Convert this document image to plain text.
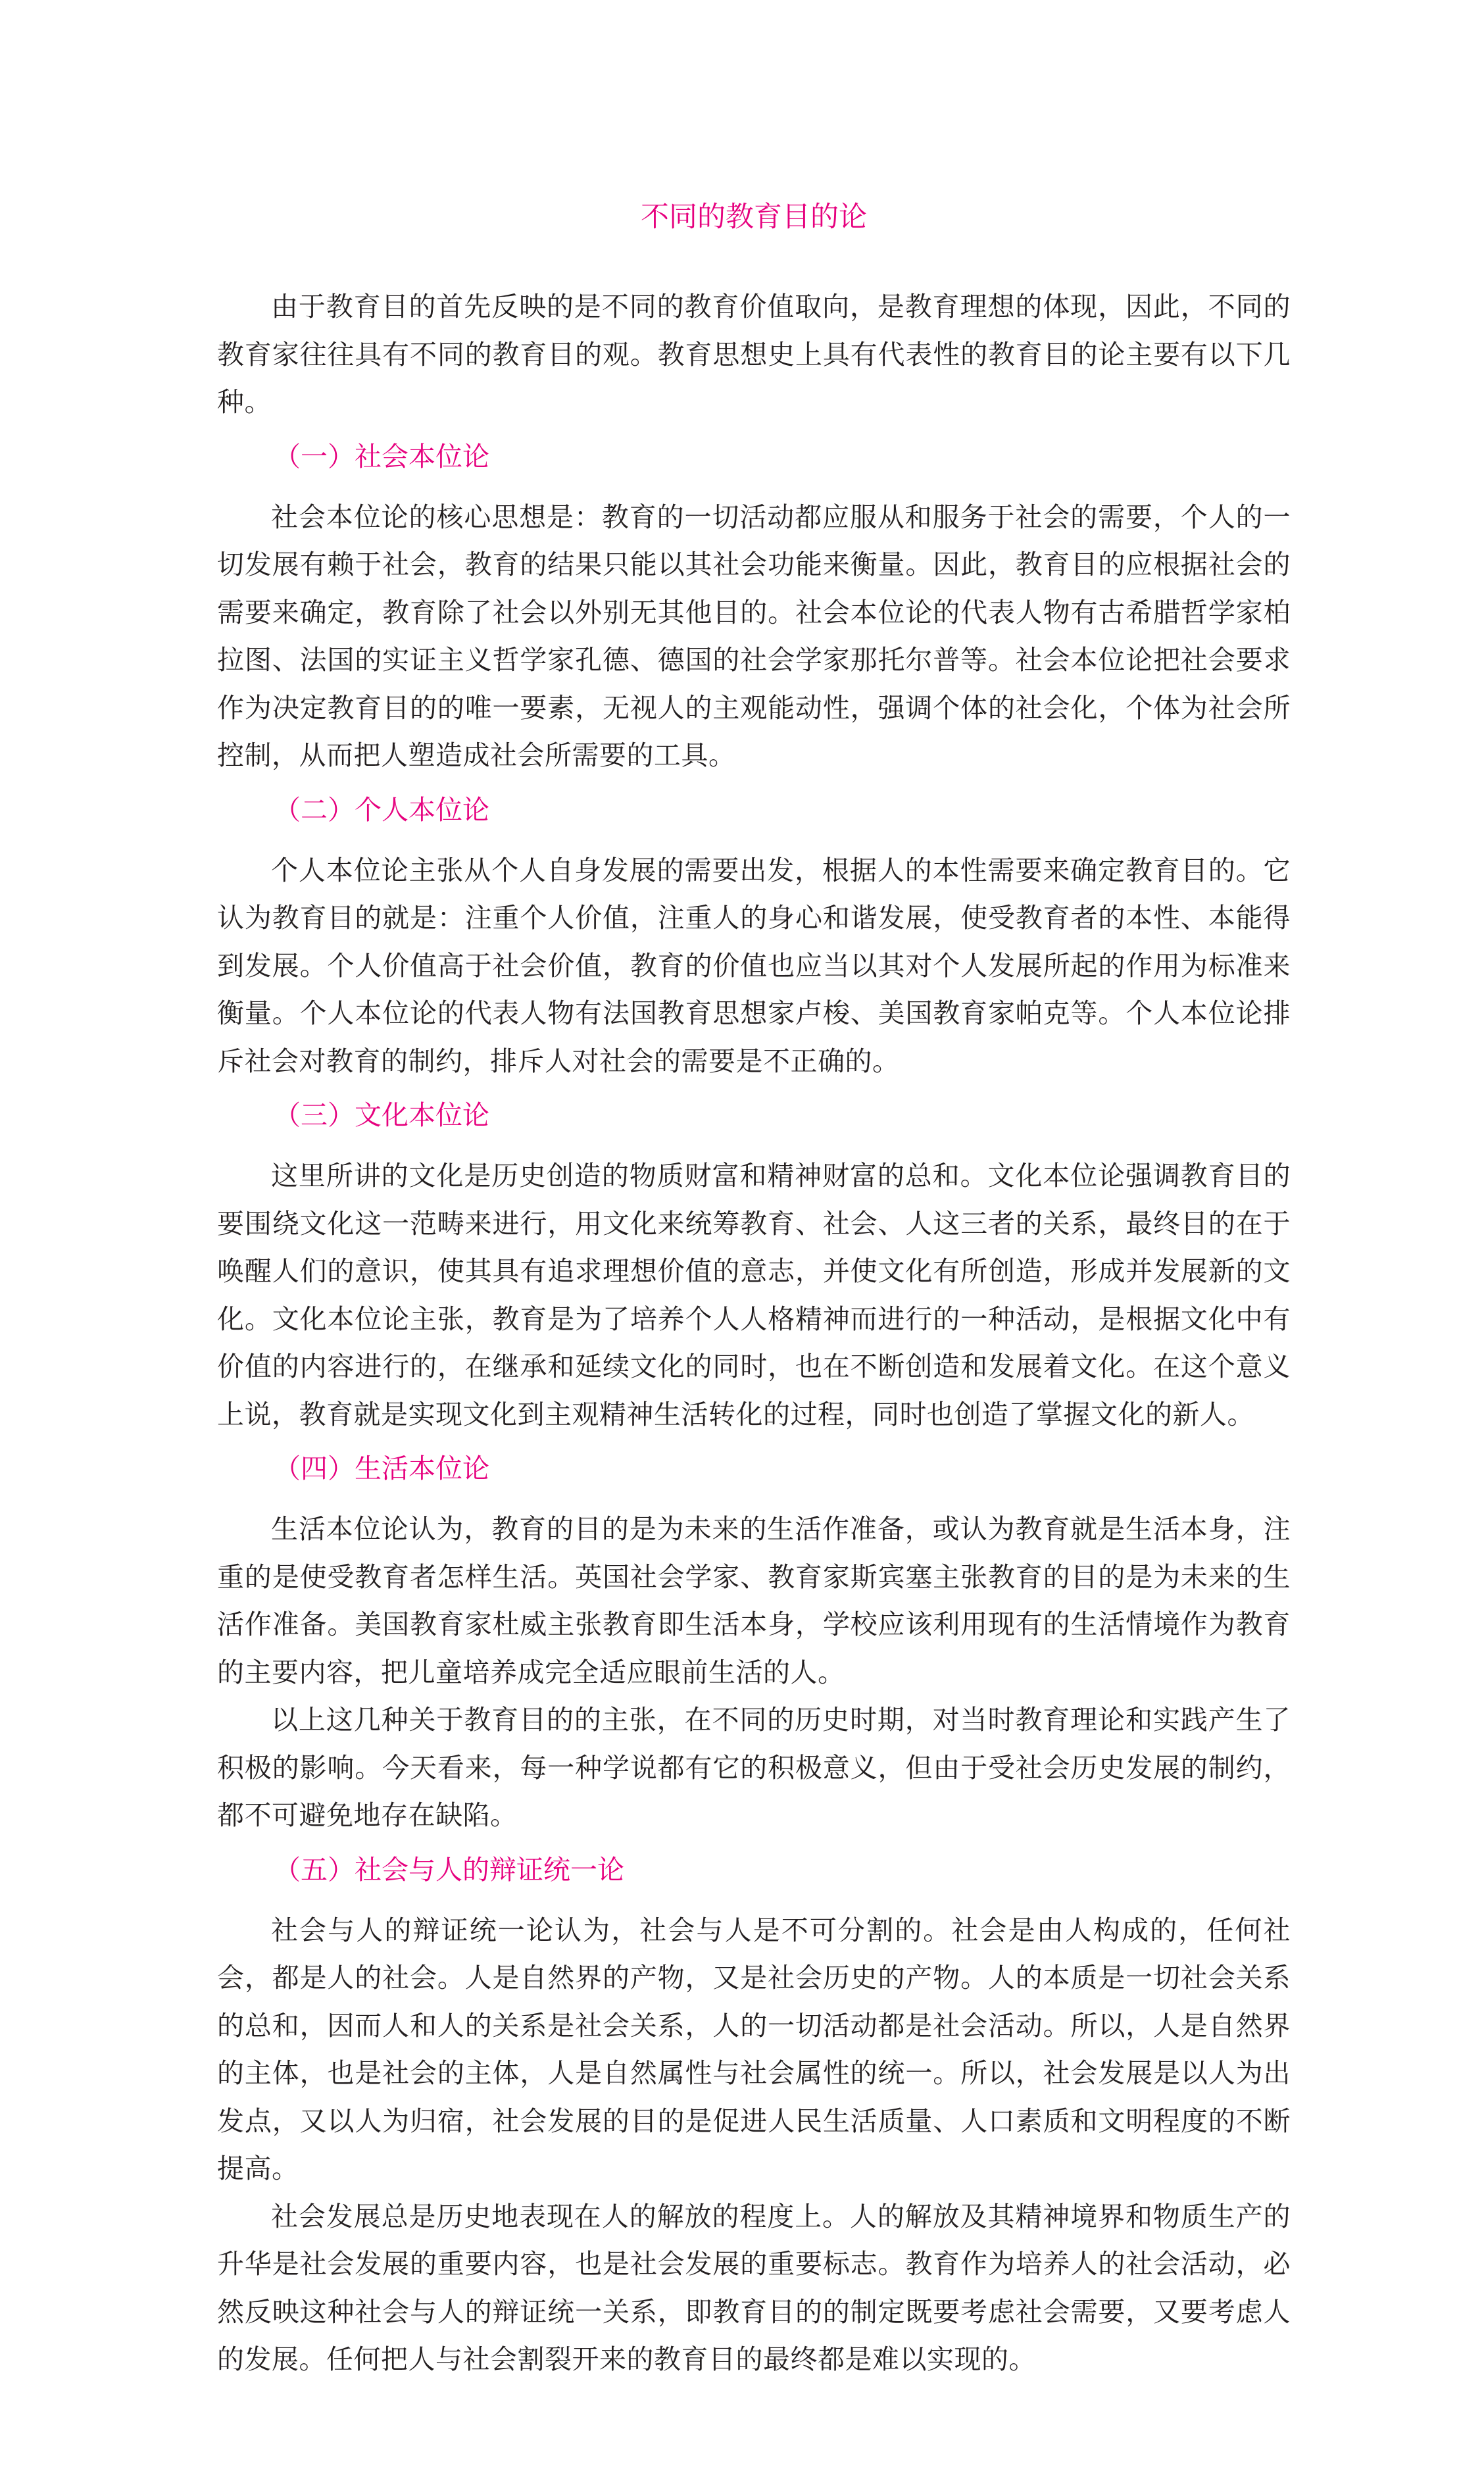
不同的教育目的论

由于教育目的首先反映的是不同的教育价值取向，是教育理想的体现，因此，不同的教育家往往具有不同的教育目的观。教育思想史上具有代表性的教育目的论主要有以下几种。

（一）社会本位论

社会本位论的核心思想是：教育的一切活动都应服从和服务于社会的需要，个人的一切发展有赖于社会，教育的结果只能以其社会功能来衡量。因此，教育目的应根据社会的需要来确定，教育除了社会以外别无其他目的。社会本位论的代表人物有古希腊哲学家柏拉图、法国的实证主义哲学家孔德、德国的社会学家那托尔普等。社会本位论把社会要求作为决定教育目的的唯一要素，无视人的主观能动性，强调个体的社会化，个体为社会所控制，从而把人塑造成社会所需要的工具。

（二）个人本位论

个人本位论主张从个人自身发展的需要出发，根据人的本性需要来确定教育目的。它认为教育目的就是：注重个人价值，注重人的身心和谐发展，使受教育者的本性、本能得到发展。个人价值高于社会价值，教育的价值也应当以其对个人发展所起的作用为标准来衡量。个人本位论的代表人物有法国教育思想家卢梭、美国教育家帕克等。个人本位论排斥社会对教育的制约，排斥人对社会的需要是不正确的。

（三）文化本位论

这里所讲的文化是历史创造的物质财富和精神财富的总和。文化本位论强调教育目的要围绕文化这一范畴来进行，用文化来统筹教育、社会、人这三者的关系，最终目的在于唤醒人们的意识，使其具有追求理想价值的意志，并使文化有所创造，形成并发展新的文化。文化本位论主张，教育是为了培养个人人格精神而进行的一种活动，是根据文化中有价值的内容进行的，在继承和延续文化的同时，也在不断创造和发展着文化。在这个意义上说，教育就是实现文化到主观精神生活转化的过程，同时也创造了掌握文化的新人。

（四）生活本位论

生活本位论认为，教育的目的是为未来的生活作准备，或认为教育就是生活本身，注重的是使受教育者怎样生活。英国社会学家、教育家斯宾塞主张教育的目的是为未来的生活作准备。美国教育家杜威主张教育即生活本身，学校应该利用现有的生活情境作为教育的主要内容，把儿童培养成完全适应眼前生活的人。

以上这几种关于教育目的的主张，在不同的历史时期，对当时教育理论和实践产生了积极的影响。今天看来，每一种学说都有它的积极意义，但由于受社会历史发展的制约，都不可避免地存在缺陷。

（五）社会与人的辩证统一论

社会与人的辩证统一论认为，社会与人是不可分割的。社会是由人构成的，任何社会，都是人的社会。人是自然界的产物，又是社会历史的产物。人的本质是一切社会关系的总和，因而人和人的关系是社会关系，人的一切活动都是社会活动。所以，人是自然界的主体，也是社会的主体，人是自然属性与社会属性的统一。所以，社会发展是以人为出发点，又以人为归宿，社会发展的目的是促进人民生活质量、人口素质和文明程度的不断提高。

社会发展总是历史地表现在人的解放的程度上。人的解放及其精神境界和物质生产的升华是社会发展的重要内容，也是社会发展的重要标志。教育作为培养人的社会活动，必然反映这种社会与人的辩证统一关系，即教育目的的制定既要考虑社会需要，又要考虑人的发展。任何把人与社会割裂开来的教育目的最终都是难以实现的。
